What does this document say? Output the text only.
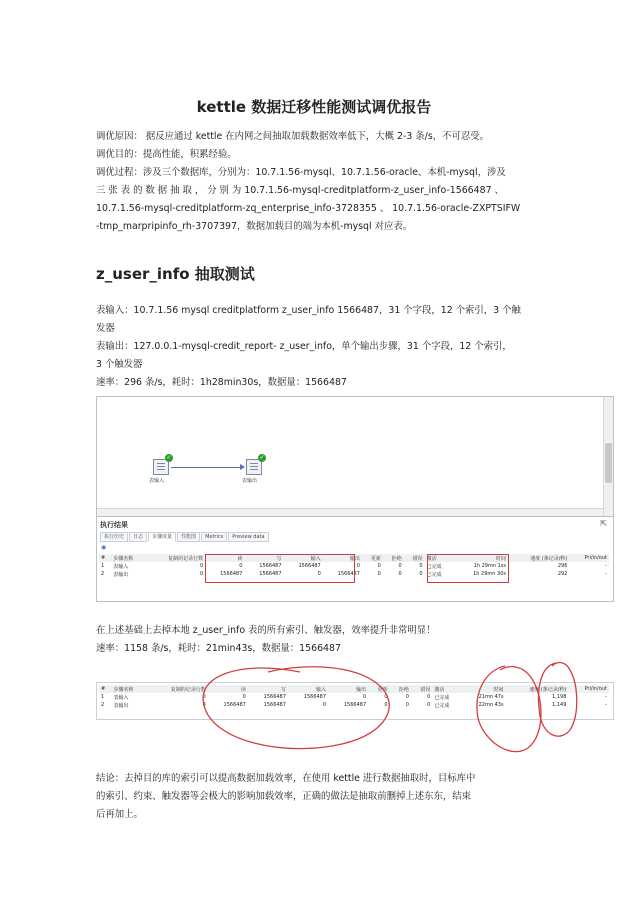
kettle 数据迁移性能测试调优报告
调优原因： 据反应通过 kettle 在内网之间抽取加载数据效率低下，大概 2-3 条/s，不可忍受。
调优目的：提高性能，积累经验。
调优过程：涉及三个数据库，分别为：10.7.1.56-mysql、10.7.1.56-oracle、本机-mysql，涉及
三 张 表 的 数 据 抽 取 ， 分 别 为 10.7.1.56-mysql-creditplatform-z_user_info-1566487 、
10.7.1.56-mysql-creditplatform-zq_enterprise_info-3728355 、 10.7.1.56-oracle-ZXPTSIFW
-tmp_marpripinfo_rh-3707397，数据加载目的端为本机-mysql 对应表。
z_user_info 抽取测试
表输入：10.7.1.56 mysql creditplatform z_user_info 1566487，31 个字段，12 个索引，3 个触
发器
表输出：127.0.0.1-mysql-credit_report- z_user_info，单个输出步骤，31 个字段，12 个索引，
3 个触发器
速率：296 条/s，耗时：1h28min30s，数据量：1566487
✓
表输入
✓
表输出
执行结果	⇱
执行历史 日志 步骤度量 性能图 Metrics Preview data
◉
#	步骤名称	复制的记录行数	读	写	输入	输出	更新	拒绝	错误	激活	时间	速度 (条记录/秒)	Pri/in/out
1	表输入	0	0	1566487	1566487	0	0	0	0	已完成	1h 29mn 1ss	296	-
2	表输出	0	1566487	1566487	0	1566487	0	0	0	已完成	1h 29mn 30s	292	-
在上述基础上去掉本地 z_user_info 表的所有索引、触发器，效率提升非常明显！
速率：1158 条/s，耗时：21min43s，数据量：1566487
#	步骤名称	复制的记录行数	读	写	输入	输出	更新	拒绝	错误	激活	时间	速度 (条记录/秒)	Pri/in/out
1	表输入	0	0	1566487	1566487	0	0	0	0	已完成	21mn 47s	1,198	-
2	表输出	0	1566487	1566487	0	1566487	0	0	0	已完成	22mn 43s	1,149	-
结论：去掉目的库的索引可以提高数据加载效率，在使用 kettle 进行数据抽取时，目标库中
的索引、约束、触发器等会极大的影响加载效率，正确的做法是抽取前删掉上述东东，结束
后再加上。
